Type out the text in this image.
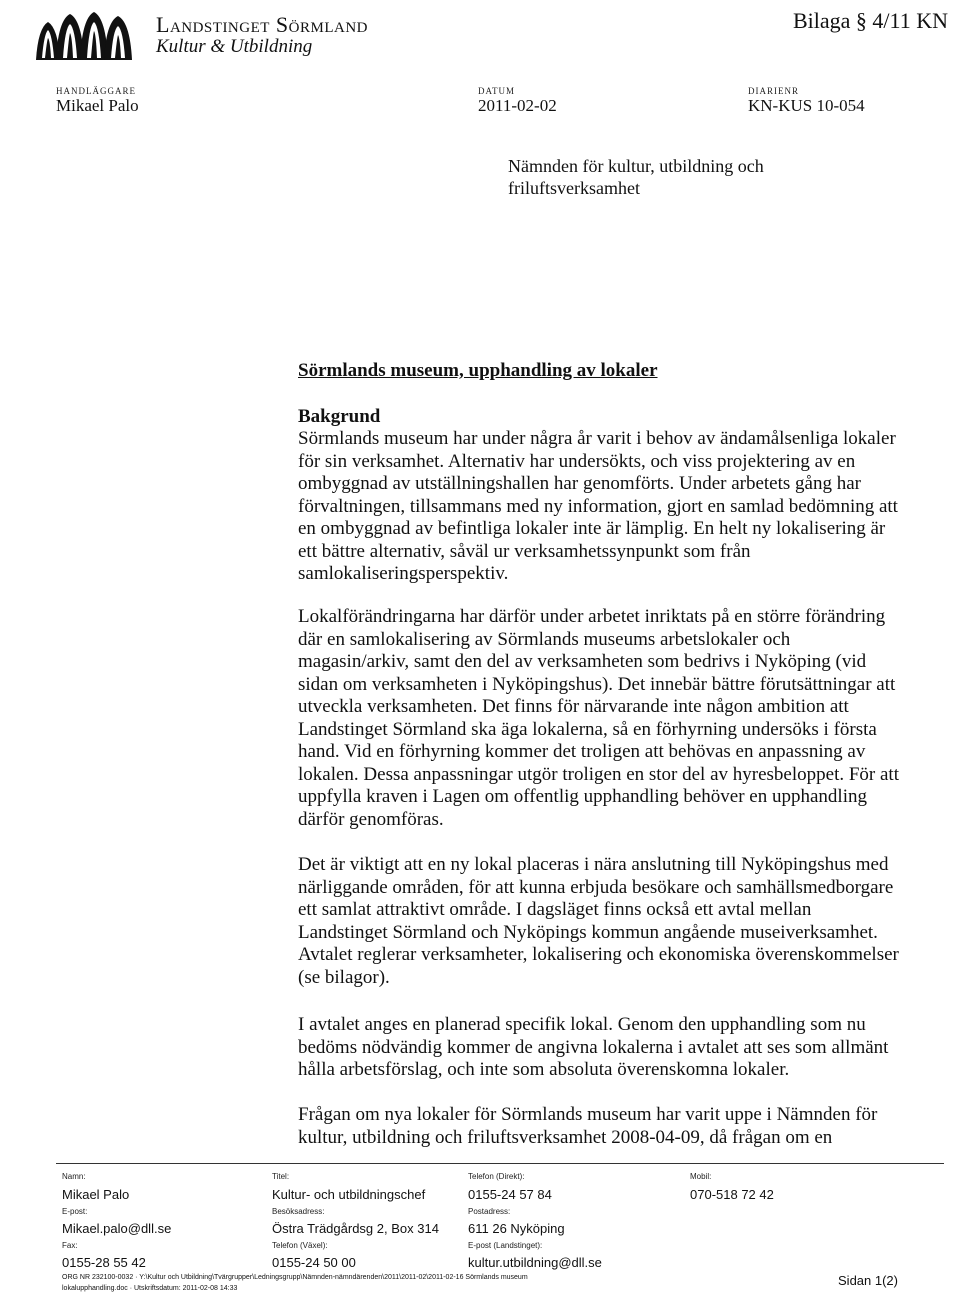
Landstinget Sörmland
Kultur & Utbildning
Bilaga § 4/11 KN
HANDLÄGGARE
Mikael Palo
DATUM
2011-02-02
DIARIENR
KN-KUS 10-054
Nämnden för kultur, utbildning och
friluftsverksamhet
Sörmlands museum, upphandling av lokaler
Bakgrund
Sörmlands museum har under några år varit i behov av ändamålsenliga lokaler för sin verksamhet. Alternativ har undersökts, och viss projektering av en ombyggnad av utställningshallen har genomförts. Under arbetets gång har förvaltningen, tillsammans med ny information, gjort en samlad bedömning att en ombyggnad av befintliga lokaler inte är lämplig. En helt ny lokalisering är ett bättre alternativ, såväl ur verksamhetssynpunkt som från samlokaliseringsperspektiv.
Lokalförändringarna har därför under arbetet inriktats på en större förändring där en samlokalisering av Sörmlands museums arbetslokaler och magasin/arkiv, samt den del av verksamheten som bedrivs i Nyköping (vid sidan om verksamheten i Nyköpingshus). Det innebär bättre förutsättningar att utveckla verksamheten. Det finns för närvarande inte någon ambition att Landstinget Sörmland ska äga lokalerna, så en förhyrning undersöks i första hand. Vid en förhyrning kommer det troligen att behövas en anpassning av lokalen. Dessa anpassningar utgör troligen en stor del av hyresbeloppet. För att uppfylla kraven i Lagen om offentlig upphandling behöver en upphandling därför genomföras.
Det är viktigt att en ny lokal placeras i nära anslutning till Nyköpingshus med närliggande områden, för att kunna erbjuda besökare och samhällsmedborgare ett samlat attraktivt område. I dagsläget finns också ett avtal mellan Landstinget Sörmland och Nyköpings kommun angående museiverksamhet. Avtalet reglerar verksamheter, lokalisering och ekonomiska överenskommelser (se bilagor).
I avtalet anges en planerad specifik lokal. Genom den upphandling som nu bedöms nödvändig kommer de angivna lokalerna i avtalet att ses som allmänt hålla arbetsförslag, och inte som absoluta överenskomna lokaler.
Frågan om nya lokaler för Sörmlands museum har varit uppe i Nämnden för kultur, utbildning och friluftsverksamhet 2008-04-09, då frågan om en
Namn:
Mikael Palo
E-post:
Mikael.palo@dll.se
Fax:
0155-28 55 42
Titel:
Kultur- och utbildningschef
Besöksadress:
Östra Trädgårdsg 2, Box 314
Telefon (Växel):
0155-24 50 00
Telefon (Direkt):
0155-24 57 84
Postadress:
611 26 Nyköping
E-post (Landstinget):
kultur.utbildning@dll.se
Mobil:
070-518 72 42
ORG NR 232100-0032 · Y:\Kultur och Utbildning\Tvärgrupper\Ledningsgrupp\Nämnden-nämndärenden\2011\2011-02\2011-02-16 Sörmlands museum
lokalupphandling.doc · Utskriftsdatum: 2011-02-08 14:33
Sidan 1(2)
